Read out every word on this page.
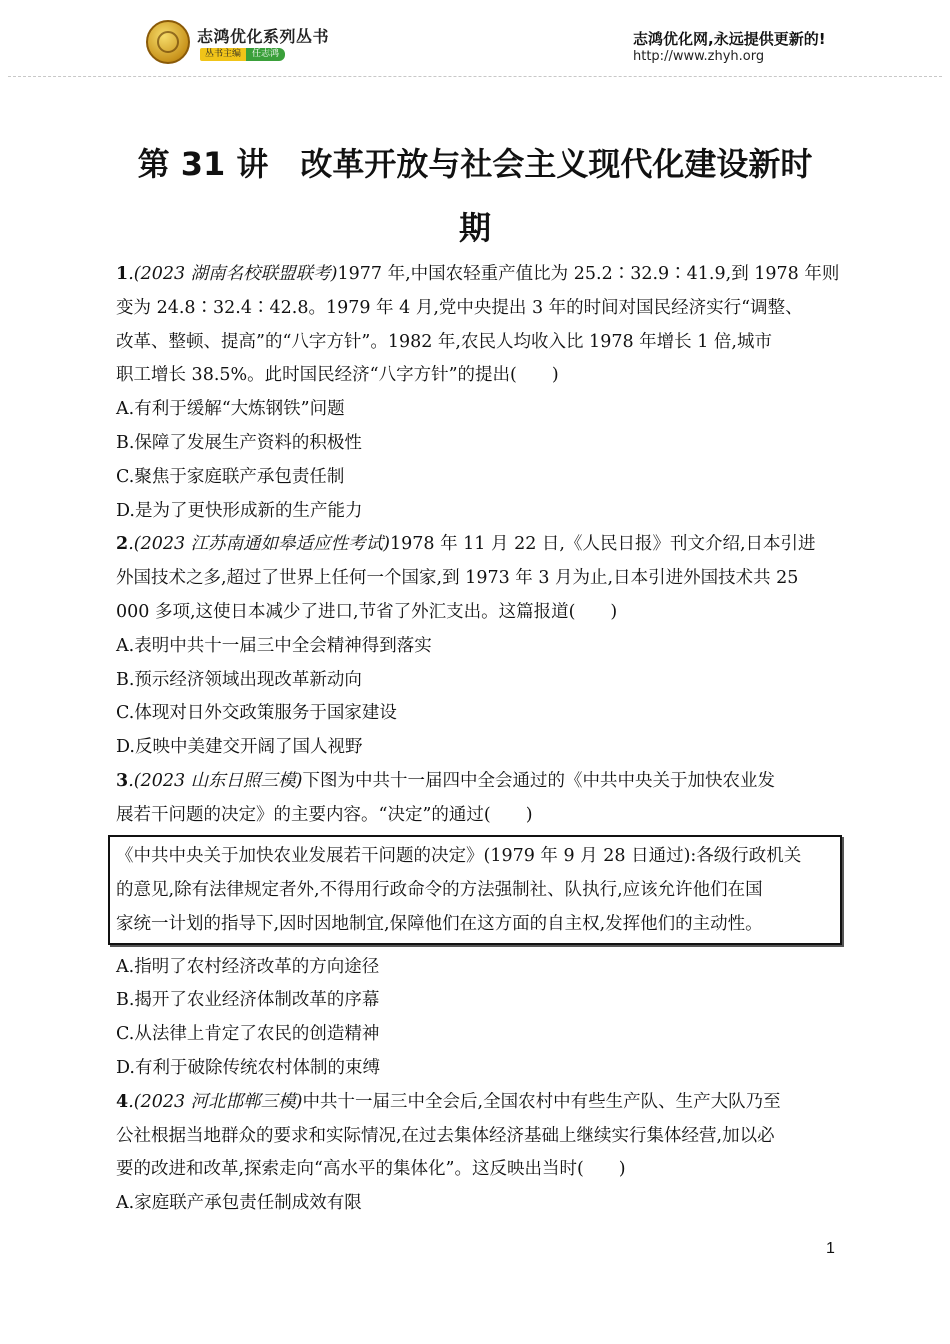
志鸿优化系列丛书
丛书主编	任志鸿
志鸿优化网,永远提供更新的!
http://www.zhyh.org
第 31 讲　改革开放与社会主义现代化建设新时
期
1.(2023 湖南名校联盟联考)1977 年,中国农轻重产值比为 25.2∶32.9∶41.9,到 1978 年则
变为 24.8∶32.4∶42.8。1979 年 4 月,党中央提出 3 年的时间对国民经济实行“调整、
改革、整顿、提高”的“八字方针”。1982 年,农民人均收入比 1978 年增长 1 倍,城市
职工增长 38.5%。此时国民经济“八字方针”的提出(　　)
A.有利于缓解“大炼钢铁”问题
B.保障了发展生产资料的积极性
C.聚焦于家庭联产承包责任制
D.是为了更快形成新的生产能力
2.(2023 江苏南通如皋适应性考试)1978 年 11 月 22 日,《人民日报》刊文介绍,日本引进
外国技术之多,超过了世界上任何一个国家,到 1973 年 3 月为止,日本引进外国技术共 25
000 多项,这使日本减少了进口,节省了外汇支出。这篇报道(　　)
A.表明中共十一届三中全会精神得到落实
B.预示经济领域出现改革新动向
C.体现对日外交政策服务于国家建设
D.反映中美建交开阔了国人视野
3.(2023 山东日照三模)下图为中共十一届四中全会通过的《中共中央关于加快农业发
展若干问题的决定》的主要内容。“决定”的通过(　　)
《中共中央关于加快农业发展若干问题的决定》(1979 年 9 月 28 日通过):各级行政机关
的意见,除有法律规定者外,不得用行政命令的方法强制社、队执行,应该允许他们在国
家统一计划的指导下,因时因地制宜,保障他们在这方面的自主权,发挥他们的主动性。
A.指明了农村经济改革的方向途径
B.揭开了农业经济体制改革的序幕
C.从法律上肯定了农民的创造精神
D.有利于破除传统农村体制的束缚
4.(2023 河北邯郸三模)中共十一届三中全会后,全国农村中有些生产队、生产大队乃至
公社根据当地群众的要求和实际情况,在过去集体经济基础上继续实行集体经营,加以必
要的改进和改革,探索走向“高水平的集体化”。这反映出当时(　　)
A.家庭联产承包责任制成效有限
1
